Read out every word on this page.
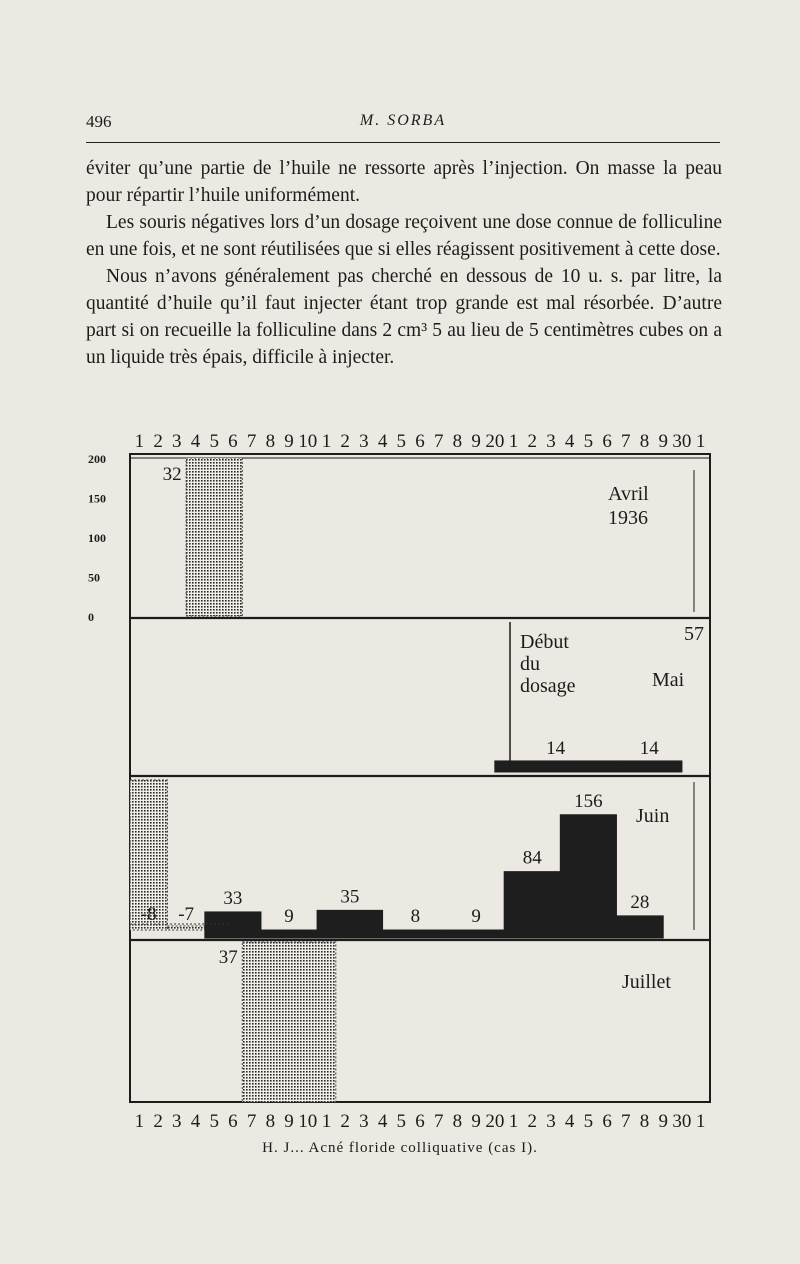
496	M. SORBA

éviter qu’une partie de l’huile ne ressorte après l’injection. On masse la peau pour répartir l’huile uniformément.

Les souris négatives lors d’un dosage reçoivent une dose connue de folliculine en une fois, et ne sont réutilisées que si elles réagissent positivement à cette dose.

Nous n’avons généralement pas cherché en dessous de 10 u. s. par litre, la quantité d’huile qu’il faut injecter étant trop grande est mal résorbée. D’autre part si on recueille la folliculine dans 2 cm³ 5 au lieu de 5 centimètres cubes on a un liquide très épais, difficile à injecter.

1 2 3 4 5 6 7 8 9 10 1 2 3 4 5 6 7 8 9 20 1 2 3 4 5 6 7 8 9 30 1
1 2 3 4 5 6 7 8 9 10 1 2 3 4 5 6 7 8 9 20 1 2 3 4 5 6 7 8 9 30 1
200
150
100
50
0
32
14	14
-8 -7
33
9
35
8	9
84
156
28
37
Avril
1936
Début
du
dosage	Mai
57
Juin
Juillet
H. J... Acné floride colliquative (cas I).
